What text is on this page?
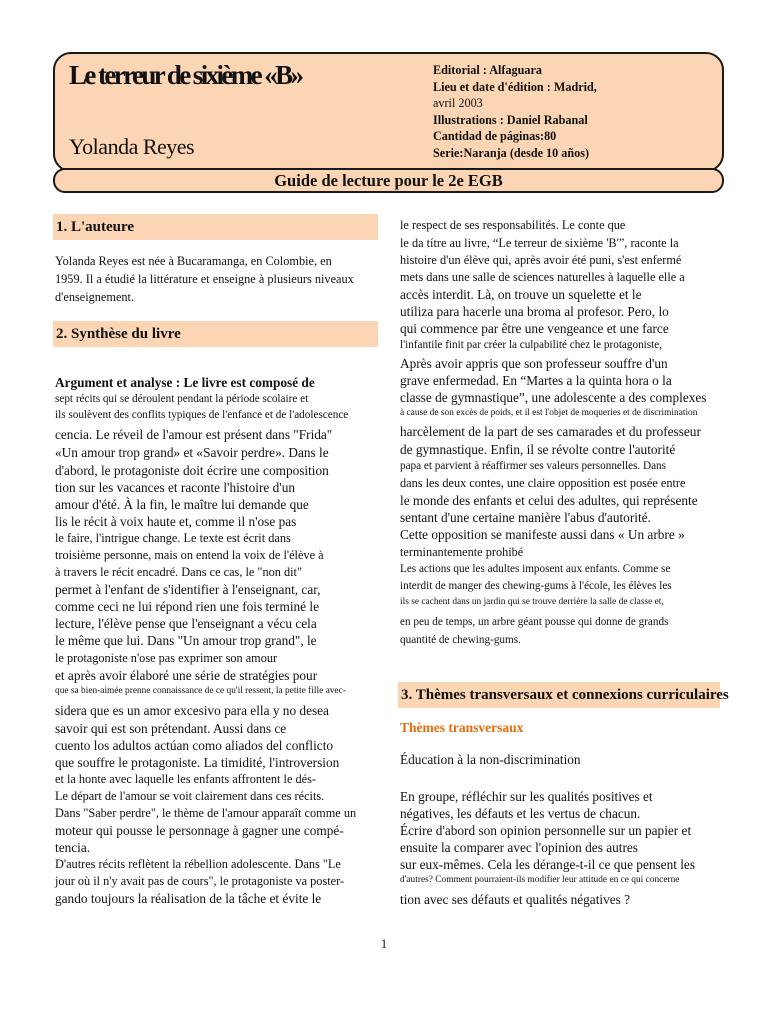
Le terreur de sixième «B»
Yolanda Reyes
Editorial : Alfaguara
Lieu et date d'édition : Madrid,
avril 2003
Illustrations : Daniel Rabanal
Cantidad de páginas:80
Serie:Naranja (desde 10 años)
Guide de lecture pour le 2e EGB
1. L'auteure
Yolanda Reyes est née à Bucaramanga, en Colombie, en
1959. Il a étudié la littérature et enseigne à plusieurs niveaux
d'enseignement.
2. Synthèse du livre
Argument et analyse : Le livre est composé de
sept récits qui se déroulent pendant la période scolaire et
ils soulèvent des conflits typiques de l'enfance et de l'adolescence
cencia. Le réveil de l'amour est présent dans "Frida"
«Un amour trop grand» et «Savoir perdre». Dans le
d'abord, le protagoniste doit écrire une composition
tion sur les vacances et raconte l'histoire d'un
amour d'été. À la fin, le maître lui demande que
lis le récit à voix haute et, comme il n'ose pas
le faire, l'intrigue change. Le texte est écrit dans
troisième personne, mais on entend la voix de l'élève à
à travers le récit encadré. Dans ce cas, le "non dit"
permet à l'enfant de s'identifier à l'enseignant, car,
comme ceci ne lui répond rien une fois terminé le
lecture, l'élève pense que l'enseignant a vécu cela
le même que lui. Dans "Un amour trop grand", le
le protagoniste n'ose pas exprimer son amour
et après avoir élaboré une série de stratégies pour
que sa bien-aimée prenne connaissance de ce qu'il ressent, la petite fille avec-
sidera que es un amor excesivo para ella y no desea
savoir qui est son prétendant. Aussi dans ce
cuento los adultos actúan como aliados del conflicto
que souffre le protagoniste. La timidité, l'introversion
et la honte avec laquelle les enfants affrontent le dés-
Le départ de l'amour se voit clairement dans ces récits.
Dans "Saber perdre", le thème de l'amour apparaît comme un
moteur qui pousse le personnage à gagner une compé-
tencia.
D'autres récits reflètent la rébellion adolescente. Dans "Le
jour où il n'y avait pas de cours", le protagoniste va poster-
gando toujours la réalisation de la tâche et évite le
le respect de ses responsabilités. Le conte que
le da títre au livre, “Le terreur de sixième 'B'”, raconte la
histoire d'un élève qui, après avoir été puni, s'est enfermé
mets dans une salle de sciences naturelles à laquelle elle a
accès interdit. Là, on trouve un squelette et le
utiliza para hacerle una broma al profesor. Pero, lo
qui commence par être une vengeance et une farce
l'infantile finit par créer la culpabilité chez le protagoniste,
Après avoir appris que son professeur souffre d'un
grave enfermedad. En “Martes a la quinta hora o la
classe de gymnastique”, une adolescente a des complexes
à cause de son excès de poids, et il est l'objet de moqueries et de discrimination
harcèlement de la part de ses camarades et du professeur
de gymnastique. Enfin, il se révolte contre l'autorité
papa et parvient à réaffirmer ses valeurs personnelles. Dans
dans les deux contes, une claire opposition est posée entre
le monde des enfants et celui des adultes, qui représente
sentant d'une certaine manière l'abus d'autorité.
Cette opposition se manifeste aussi dans « Un arbre »
terminantemente prohibé
Les actions que les adultes imposent aux enfants. Comme se
interdit de manger des chewing-gums à l'école, les élèves les
ils se cachent dans un jardin qui se trouve derrière la salle de classe et,
en peu de temps, un arbre géant pousse qui donne de grands
quantité de chewing-gums.
3. Thèmes transversaux et connexions curriculaires
Thèmes transversaux
Éducation à la non-discrimination
En groupe, réfléchir sur les qualités positives et
négatives, les défauts et les vertus de chacun.
Écrire d'abord son opinion personnelle sur un papier et
ensuite la comparer avec l'opinion des autres
sur eux-mêmes. Cela les dérange-t-il ce que pensent les
d'autres? Comment pourraient-ils modifier leur attitude en ce qui concerne
tion avec ses défauts et qualités négatives ?
1
